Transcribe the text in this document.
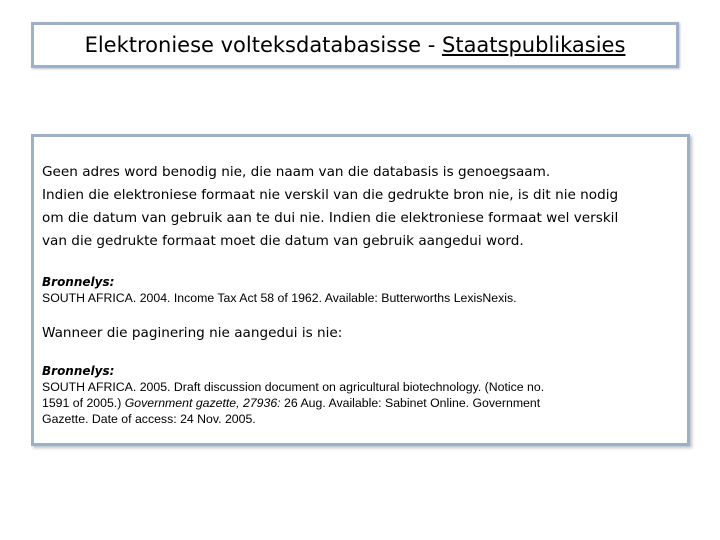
Elektroniese volteksdatabasisse - Staatspublikasies

Geen adres word benodig nie, die naam van die databasis is genoegsaam.
Indien die elektroniese formaat nie verskil van die gedrukte bron nie, is dit nie nodig
om die datum van gebruik aan te dui nie. Indien die elektroniese formaat wel verskil
van die gedrukte formaat moet die datum van gebruik aangedui word.

Bronnelys:

SOUTH AFRICA. 2004. Income Tax Act 58 of 1962. Available: Butterworths LexisNexis.

Wanneer die paginering nie aangedui is nie:

Bronnelys:

SOUTH AFRICA. 2005. Draft discussion document on agricultural biotechnology. (Notice no.
1591 of 2005.) Government gazette, 27936: 26 Aug. Available: Sabinet Online. Government
Gazette. Date of access: 24 Nov. 2005.
